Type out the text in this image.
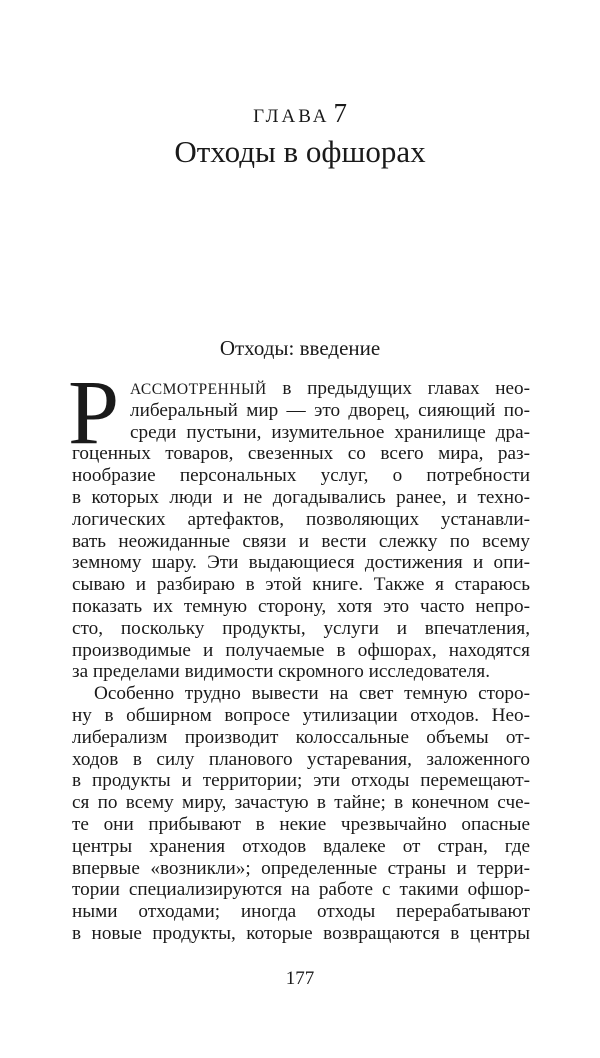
ГЛАВА 7
Отходы в офшорах
Отходы: введение
Р АССМОТРЕННЫЙ в предыдущих главах нео-
либеральный мир — это дворец, сияющий по-
среди пустыни, изумительное хранилище дра-
гоценных товаров, свезенных со всего мира, раз-
нообразие персональных услуг, о потребности
в которых люди и не догадывались ранее, и техно-
логических артефактов, позволяющих устанавли-
вать неожиданные связи и вести слежку по всему
земному шару. Эти выдающиеся достижения и опи-
сываю и разбираю в этой книге. Также я стараюсь
показать их темную сторону, хотя это часто непро-
сто, поскольку продукты, услуги и впечатления,
производимые и получаемые в офшорах, находятся
за пределами видимости скромного исследователя.
Особенно трудно вывести на свет темную сторо-
ну в обширном вопросе утилизации отходов. Нео-
либерализм производит колоссальные объемы от-
ходов в силу планового устаревания, заложенного
в продукты и территории; эти отходы перемещают-
ся по всему миру, зачастую в тайне; в конечном сче-
те они прибывают в некие чрезвычайно опасные
центры хранения отходов вдалеке от стран, где
впервые «возникли»; определенные страны и терри-
тории специализируются на работе с такими офшор-
ными отходами; иногда отходы перерабатывают
в новые продукты, которые возвращаются в центры
177
